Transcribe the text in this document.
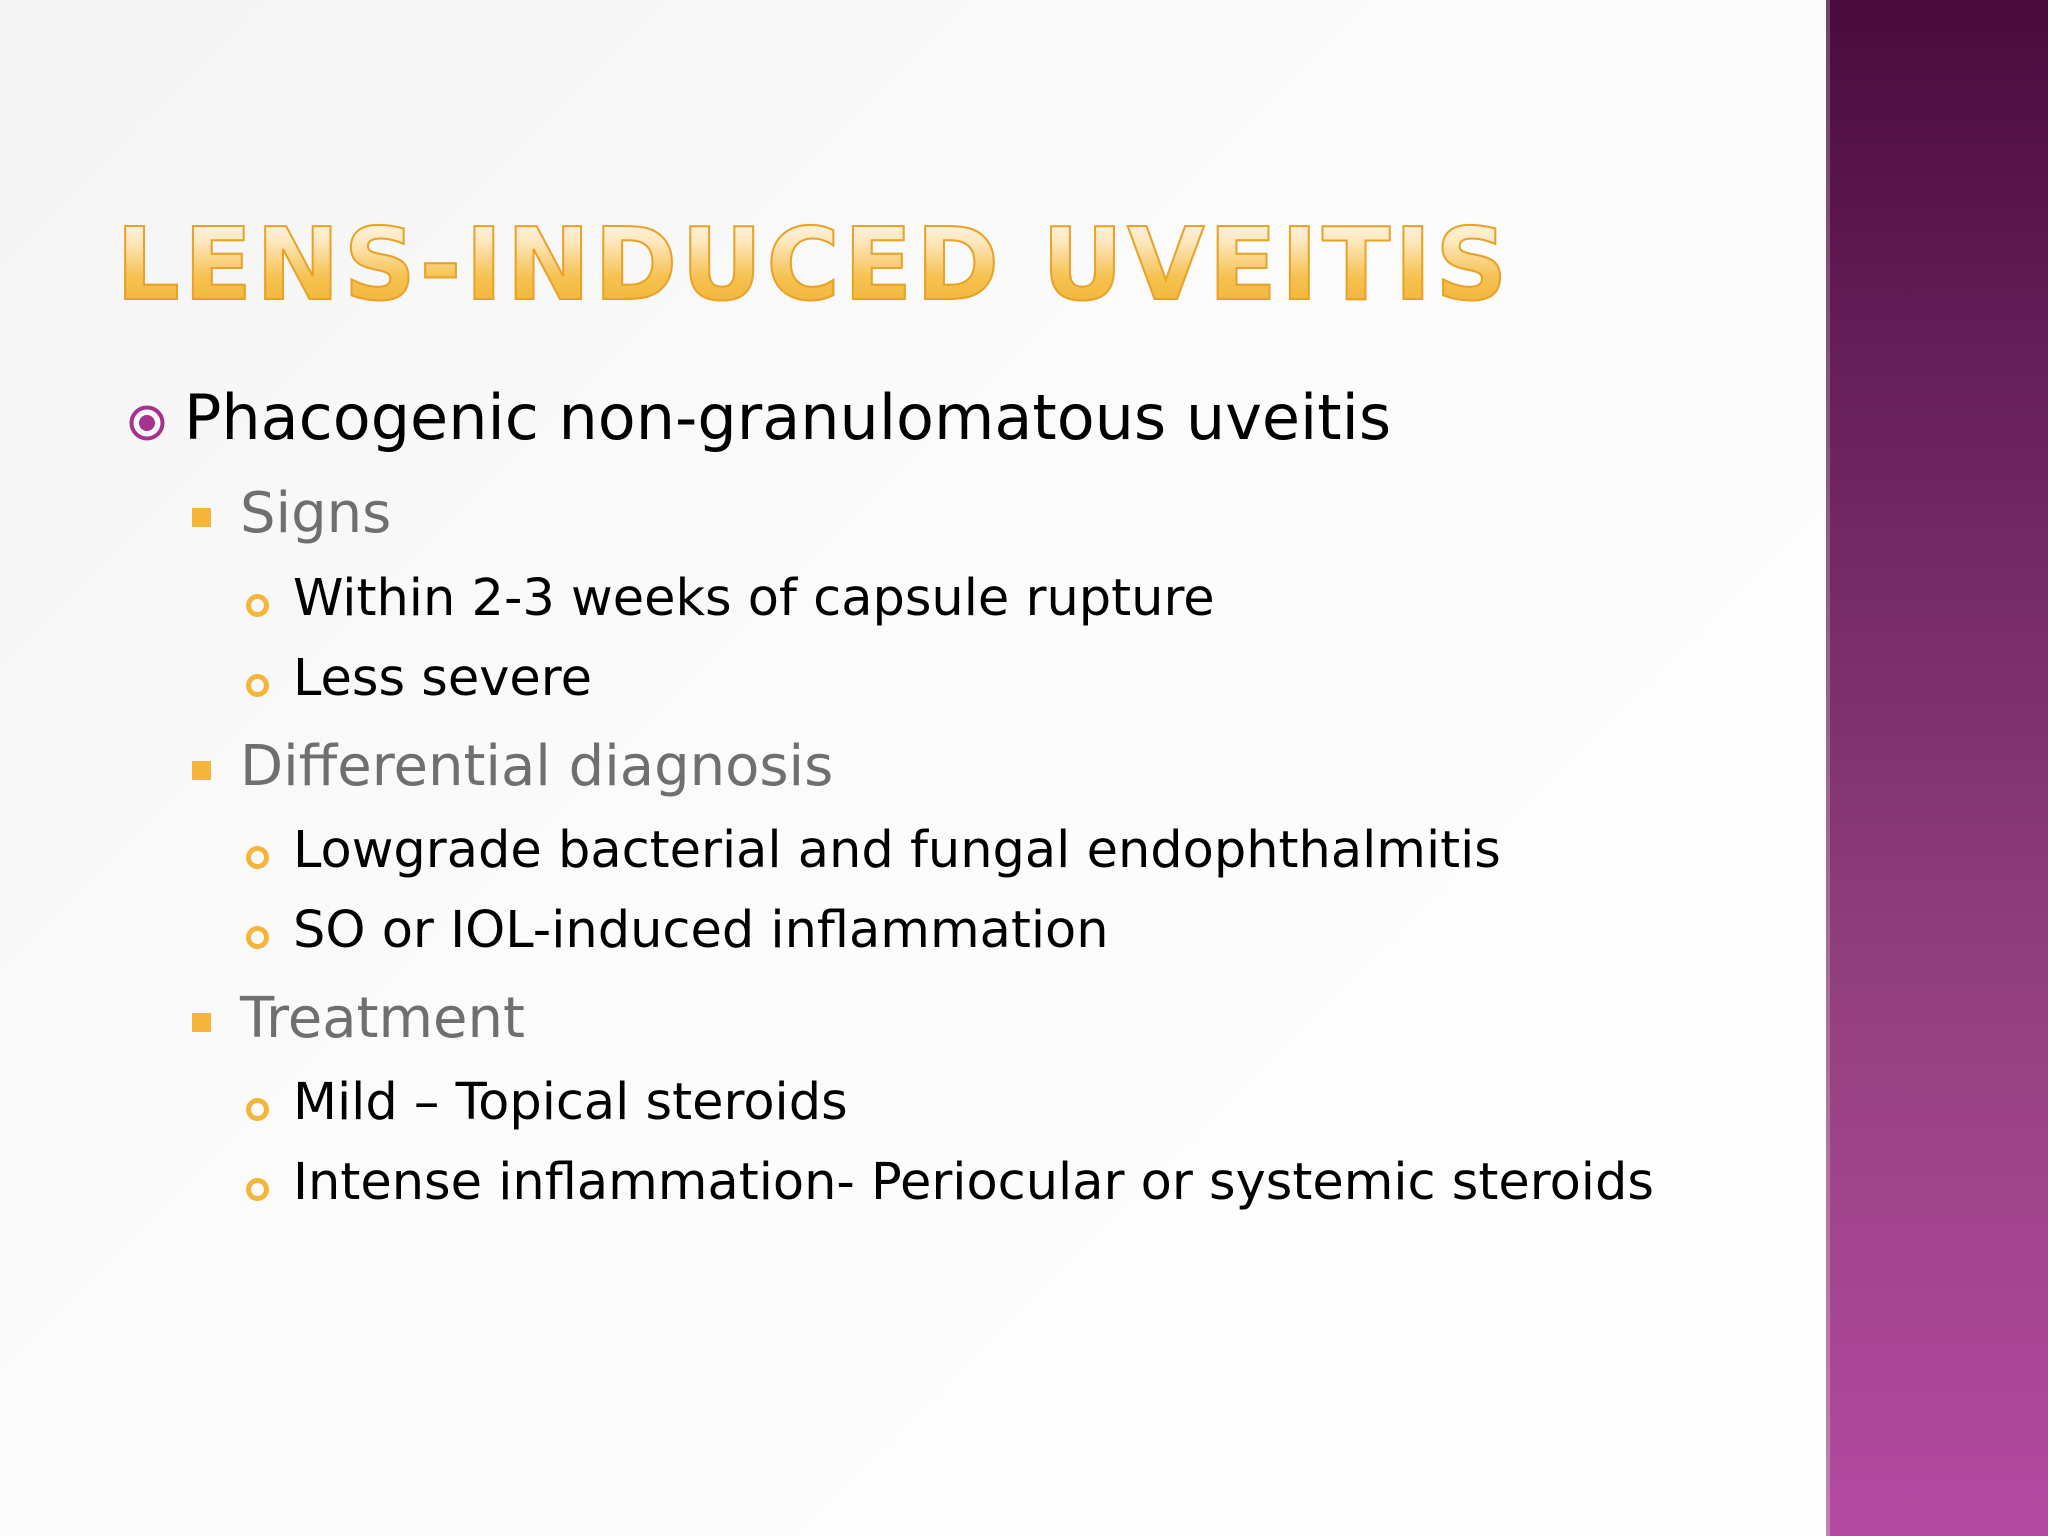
LENS-INDUCED UVEITIS
Phacogenic non-granulomatous uveitis
Signs
Within 2-3 weeks of capsule rupture
Less severe
Differential diagnosis
Lowgrade bacterial and fungal endophthalmitis
SO or IOL-induced inflammation
Treatment
Mild – Topical steroids
Intense inflammation- Periocular or systemic steroids
